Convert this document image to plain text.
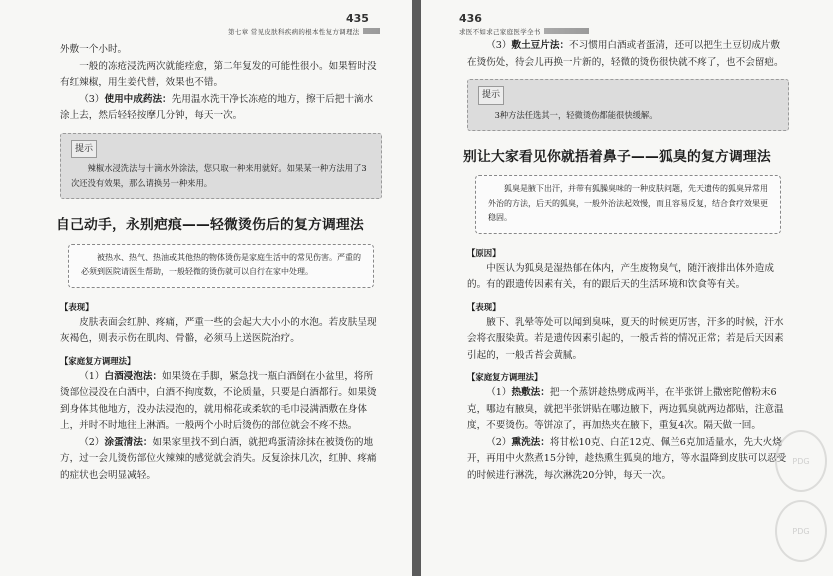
435
第七章 常见皮肤科疾病的根本性复方调理法

外敷一个小时。

一般的冻疮浸洗两次就能痊愈，第二年复发的可能性很小。如果暂时没有红辣椒，用生姜代替，效果也不错。

（3）使用中成药法：先用温水洗干净长冻疮的地方，擦干后把十滴水涂上去，然后轻轻按摩几分钟，每天一次。

提示

辣椒水浸洗法与十滴水外涂法，您只取一种来用就好。如果某一种方法用了3次还没有效果，那么请换另一种来用。

自己动手，永别疤痕——轻微烫伤后的复方调理法

被热水、热气、热油或其他热的物体烫伤是家庭生活中的常见伤害。严重的必须到医院请医生帮助，一般轻微的烫伤就可以自行在家中处理。

【表现】

皮肤表面会红肿、疼痛，严重一些的会起大大小小的水泡。若皮肤呈现灰褐色，则表示伤在肌肉、骨骼，必须马上送医院治疗。

【家庭复方调理法】

（1）白酒浸泡法：如果烫在手脚，紧急找一瓶白酒倒在小盆里，将所烫部位浸没在白酒中，白酒不拘度数，不论质量，只要是白酒都行。如果烫到身体其他地方，没办法浸泡的，就用棉花或柔软的毛巾浸满酒敷在身体上，并时不时地往上淋酒。一般两个小时后烫伤的部位就会不疼不热。

（2）涂蛋清法：如果家里找不到白酒，就把鸡蛋清涂抹在被烫伤的地方，过一会儿烫伤部位火辣辣的感觉就会消失。反复涂抹几次，红肿、疼痛的症状也会明显减轻。

436
求医不如求己家庭医学全书

（3）敷土豆片法：不习惯用白酒或者蛋清，还可以把生土豆切成片敷在烫伤处，待会儿再换一片新的，轻微的烫伤很快就不疼了，也不会留疤。

提示

3种方法任选其一，轻微烫伤都能很快缓解。

别让大家看见你就捂着鼻子——狐臭的复方调理法

狐臭是腋下出汗，并带有狐臊臭味的一种皮肤问题，先天遗传的狐臭异常用外治的方法，后天的狐臭，一般外治法起效慢，而且容易反复，结合食疗效果更稳固。

【原因】

中医认为狐臭是湿热郁在体内，产生废物臭气，随汗液排出体外造成的。有的跟遗传因素有关，有的跟后天的生活环境和饮食等有关。

【表现】

腋下、乳晕等处可以闻到臭味，夏天的时候更厉害，汗多的时候，汗水会将衣服染黄。若是遗传因素引起的，一般舌苔的情况正常；若是后天因素引起的，一般舌苔会黄腻。

【家庭复方调理法】

（1）热敷法：把一个蒸饼趁热劈成两半，在半张饼上撒密陀僧粉末6克，哪边有腋臭，就把半张饼贴在哪边腋下，两边狐臭就两边都贴，注意温度，不要烫伤。等饼凉了，再加热夹在腋下，重复4次。隔天做一回。

（2）熏洗法：将甘松10克、白芷12克、佩兰6克加适量水，先大火烧开，再用中火熬煮15分钟，趁热熏生狐臭的地方，等水温降到皮肤可以忍受的时候进行淋洗，每次淋洗20分钟，每天一次。

PDG
PDG
